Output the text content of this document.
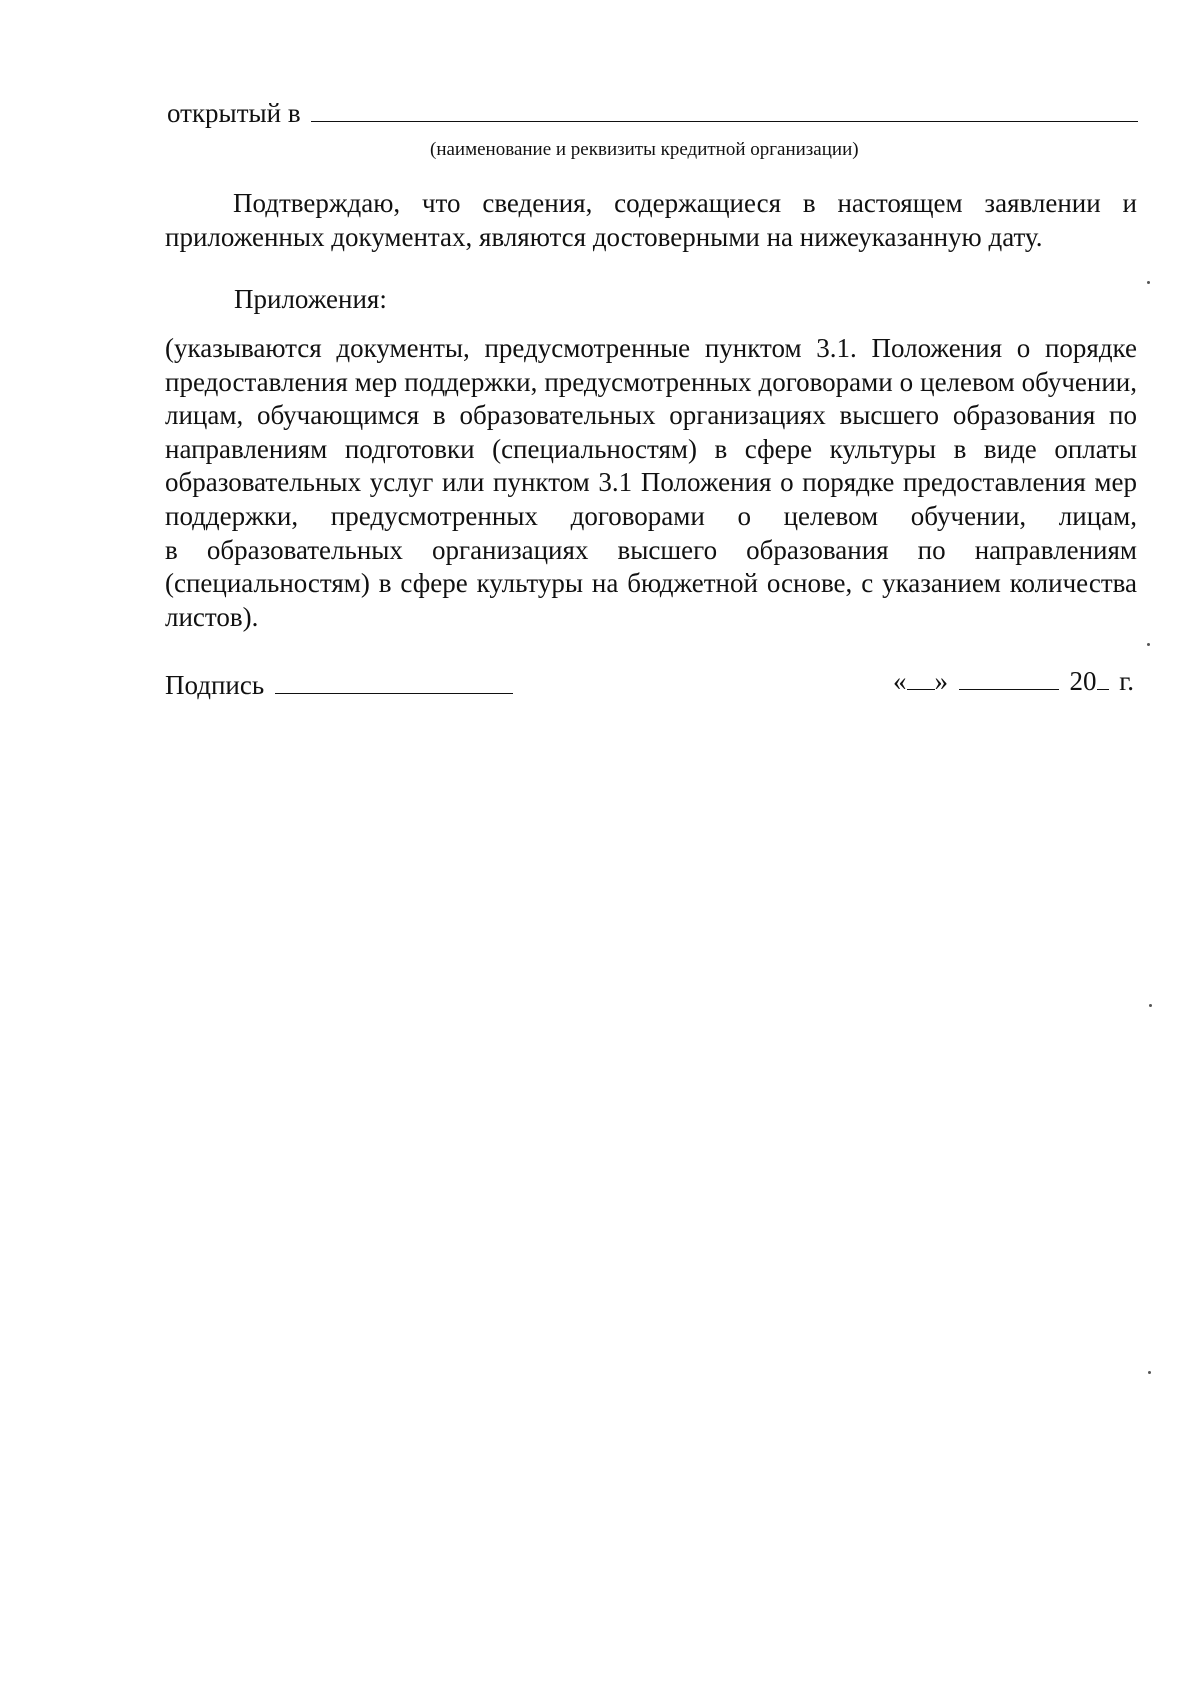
открытый в
(наименование и реквизиты кредитной организации)
Подтверждаю, что сведения, содержащиеся в настоящем заявлении и
приложенных документах, являются достоверными на нижеуказанную дату.
Приложения:
(указываются документы, предусмотренные пунктом 3.1. Положения о порядке
предоставления мер поддержки, предусмотренных договорами о целевом обучении,
лицам, обучающимся в образовательных организациях высшего образования по
направлениям подготовки (специальностям) в сфере культуры в виде оплаты
образовательных услуг или пунктом 3.1 Положения о порядке предоставления мер
поддержки, предусмотренных договорами о целевом обучении, лицам,
в образовательных организациях высшего образования по направлениям
(специальностям) в сфере культуры на бюджетной основе, с указанием количества
листов).
Подпись	« »	20 г.
